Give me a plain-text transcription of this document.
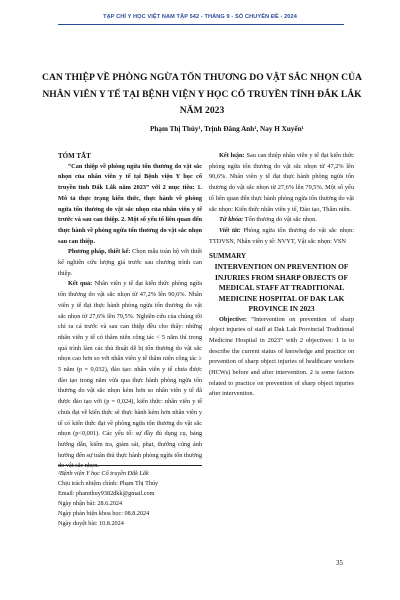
TẠP CHÍ Y HỌC VIỆT NAM TẬP 542 - THÁNG 9 - SỐ CHUYÊN ĐỀ - 2024
CAN THIỆP VỀ PHÒNG NGỪA TỔN THƯƠNG DO VẬT SẮC NHỌN CỦA NHÂN VIÊN Y TẾ TẠI BỆNH VIỆN Y HỌC CỔ TRUYỀN TỈNH ĐẮK LẮK NĂM 2023
Phạm Thị Thúy¹, Trịnh Đăng Anh¹, Nay H Xuyến¹
TÓM TẮT

“Can thiệp về phòng ngừa tổn thương do vật sắc nhọn của nhân viên y tế tại Bệnh viện Y học cổ truyền tỉnh Đắk Lắk năm 2023” với 2 mục tiêu: 1. Mô tả thực trạng kiến thức, thực hành về phòng ngừa tổn thương do vật sắc nhọn của nhân viên y tế trước và sau can thiệp. 2. Một số yếu tố liên quan đến thực hành về phòng ngừa tổn thương do vật sắc nhọn sau can thiệp.

Phương pháp, thiết kế: Chọn mẫu toàn bộ với thiết kế nghiên cứu lượng giá trước sau chương trình can thiệp.

Kết quả: Nhân viên y tế đạt kiến thức phòng ngừa tổn thương do vật sắc nhọn từ 47,2% lên 90,6%. Nhân viên y tế đạt thực hành phòng ngừa tổn thương do vật sắc nhọn từ 27,6% lên 79,5%. Nghiên cứu của chúng tôi chỉ ra cả trước và sau can thiệp đều cho thấy: những nhân viên y tế có thâm niên công tác < 5 năm thì trong quá trình làm các thủ thuật dễ bị tổn thương do vật sắc nhọn cao hơn so với nhân viên y tế thâm niên công tác ≥ 5 năm (p = 0,032), đào tạo: nhân viên y tế chưa được đào tạo trong năm vừa qua thực hành phòng ngừa tổn thương do vật sắc nhọn kém hơn so nhân viên y tế đã được đào tạo với (p = 0,024), kiến thức: nhân viên y tế chưa đạt về kiến thức sẽ thực hành kém hơn nhân viên y tế có kiến thức đạt về phòng ngừa tổn thương do vật sắc nhọn (p<0,001). Các yếu tố: sự đầy đủ dụng cụ, bảng hướng dẫn, kiểm tra, giám sát, phạt, thưởng cũng ảnh hưởng đến sự tuân thủ thực hành phòng ngừa tổn thương do vật sắc nhọn.

Kết luận: Sau can thiệp nhân viên y tế đạt kiến thức phòng ngừa tổn thương do vật sắc nhọn từ 47,2% lên 90,6%. Nhân viên y tế đạt thực hành phòng ngừa tổn thương do vật sắc nhọn từ 27,6% lên 79,5%. Một số yếu tố liên quan đến thực hành phòng ngừa tổn thương do vật sắc nhọn: Kiến thức nhân viên y tế, Đào tạo, Thâm niên.

Từ khóa: Tổn thương do vật sắc nhọn.

Viết tắt: Phòng ngừa tổn thương do vật sắc nhọn: TTDVSN, Nhân viên y tế: NVYT, Vật sắc nhọn: VSN

SUMMARY

INTERVENTION ON PREVENTION OF INJURIES FROM SHARP OBJECTS OF MEDICAL STAFF AT TRADITIONAL MEDICINE HOSPITAL OF DAK LAK PROVINCE IN 2023

Objective: “Intervention on prevention of sharp object injuries of staff at Dak Lak Provincial Traditional Medicine Hospital in 2023” with 2 objectives: 1 is to describe the current status of knowledge and practice on prevention of sharp object injuries of healthcare workers (HCWs) before and after intervention. 2 is some factors related to practice on prevention of sharp object injuries after intervention.

¹Bệnh viện Y học Cổ truyền Đắk Lắk
Chịu trách nhiệm chính: Phạm Thị Thúy
Email: phamthuy9382dkk@gmail.com
Ngày nhận bài: 28.6.2024
Ngày phản biện khoa học: 08.8.2024
Ngày duyệt bài: 10.8.2024
35
